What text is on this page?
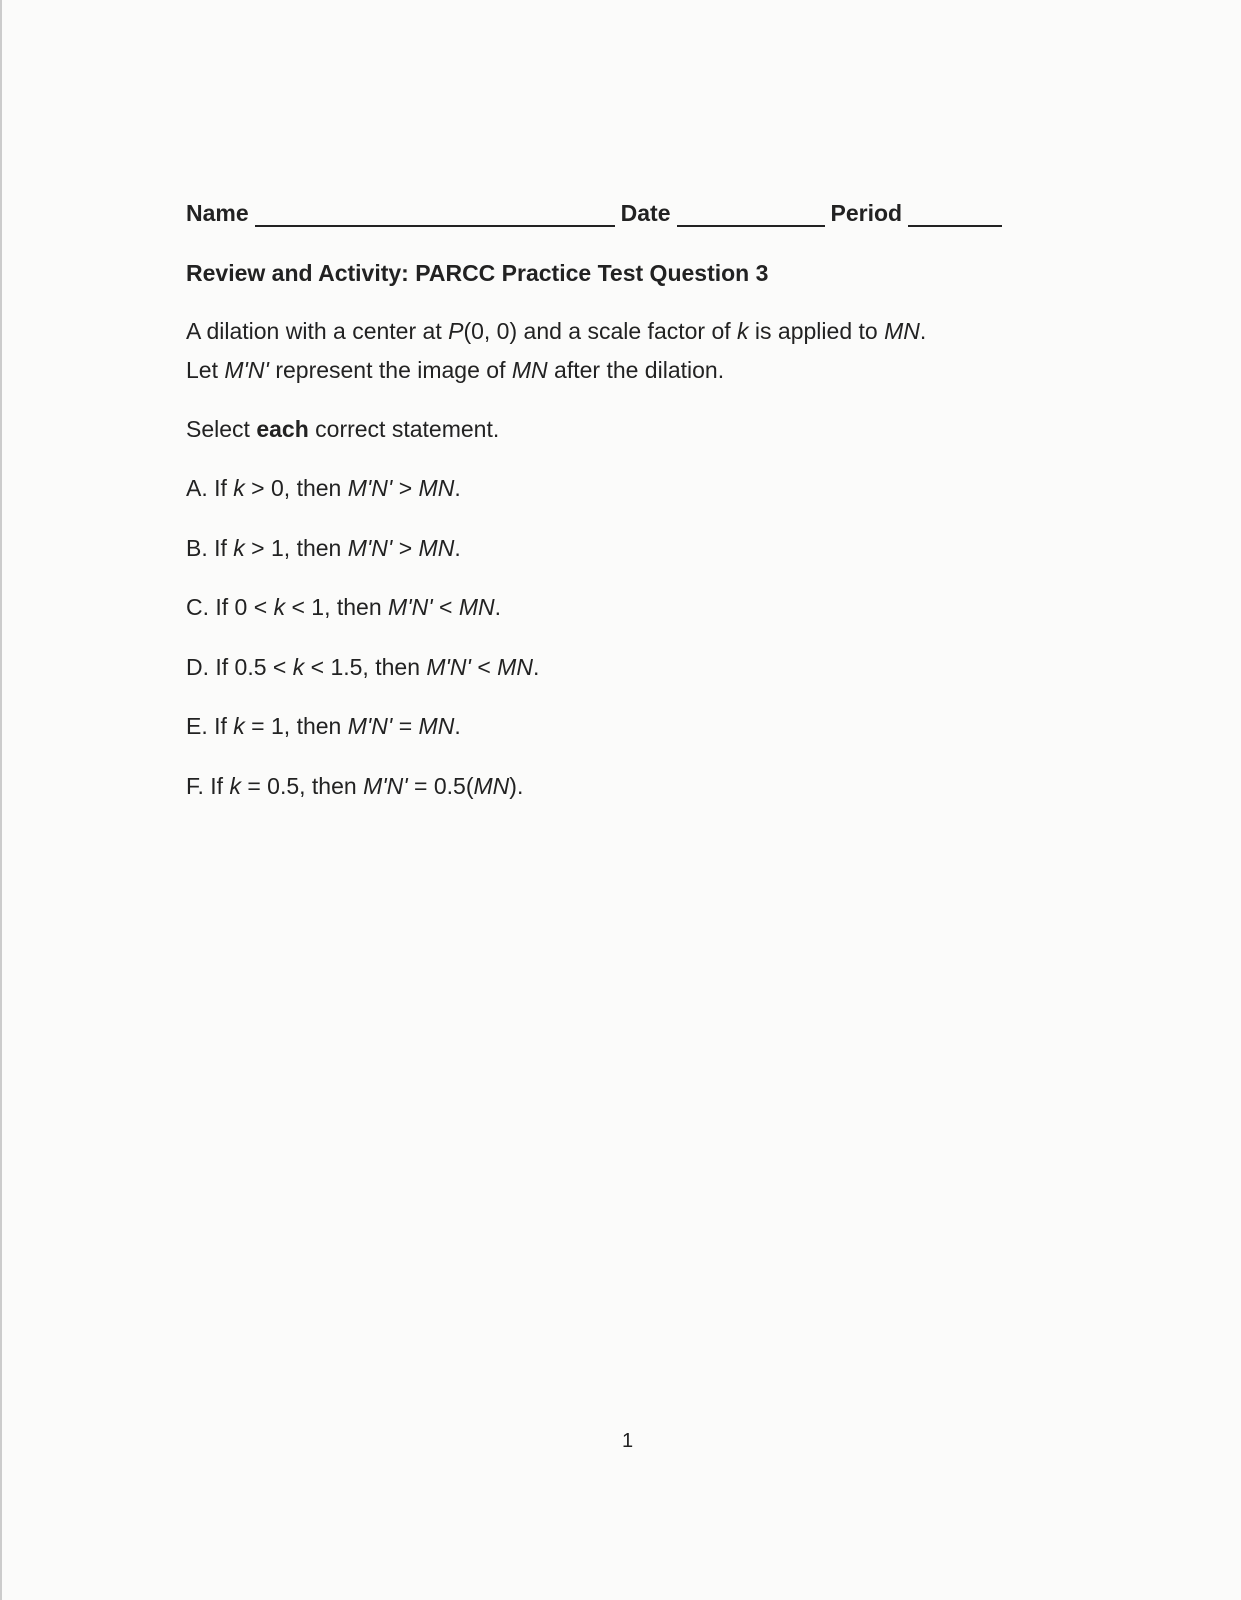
Name	Date	Period
Review and Activity: PARCC Practice Test Question 3
A dilation with a center at P(0, 0) and a scale factor of k is applied to MN.
Let M'N' represent the image of MN after the dilation.
Select each correct statement.
A. If k > 0, then M'N' > MN.
B. If k > 1, then M'N' > MN.
C. If 0 < k < 1, then M'N' < MN.
D. If 0.5 < k < 1.5, then M'N' < MN.
E. If k = 1, then M'N' = MN.
F. If k = 0.5, then M'N' = 0.5(MN).
1
